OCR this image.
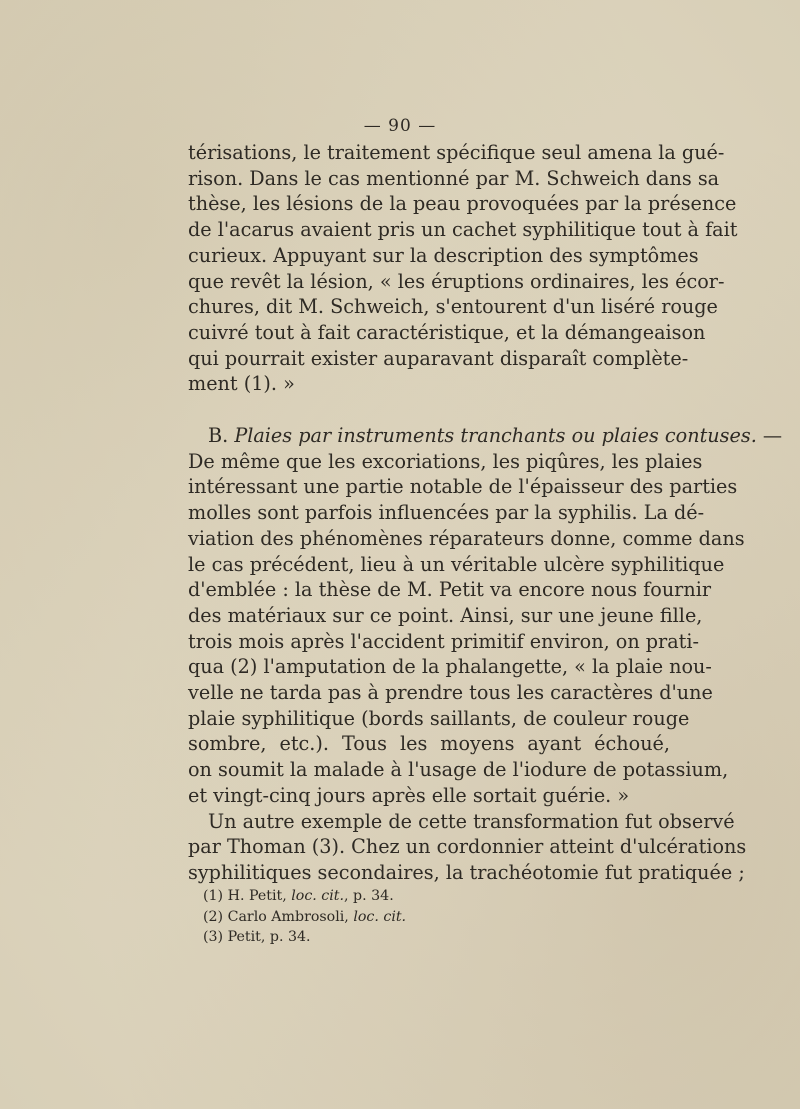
— 90 —
térisations, le traitement spécifique seul amena la gué-
rison. Dans le cas mentionné par M. Schweich dans sa
thèse, les lésions de la peau provoquées par la présence
de l'acarus avaient pris un cachet syphilitique tout à fait
curieux. Appuyant sur la description des symptômes
que revêt la lésion, « les éruptions ordinaires, les écor-
chures, dit M. Schweich, s'entourent d'un liséré rouge
cuivré tout à fait caractéristique, et la démangeaison
qui pourrait exister auparavant disparaît complète-
ment (1). »
B. Plaies par instruments tranchants ou plaies contuses. —
De même que les excoriations, les piqûres, les plaies
intéressant une partie notable de l'épaisseur des parties
molles sont parfois influencées par la syphilis. La dé-
viation des phénomènes réparateurs donne, comme dans
le cas précédent, lieu à un véritable ulcère syphilitique
d'emblée : la thèse de M. Petit va encore nous fournir
des matériaux sur ce point. Ainsi, sur une jeune fille,
trois mois après l'accident primitif environ, on prati-
qua (2) l'amputation de la phalangette, « la plaie nou-
velle ne tarda pas à prendre tous les caractères d'une
plaie syphilitique (bords saillants, de couleur rouge
sombre, etc.). Tous les moyens ayant échoué,
on soumit la malade à l'usage de l'iodure de potassium,
et vingt-cinq jours après elle sortait guérie. »
Un autre exemple de cette transformation fut observé
par Thoman (3). Chez un cordonnier atteint d'ulcérations
syphilitiques secondaires, la trachéotomie fut pratiquée ;
(1) H. Petit, loc. cit., p. 34.
(2) Carlo Ambrosoli, loc. cit.
(3) Petit, p. 34.
